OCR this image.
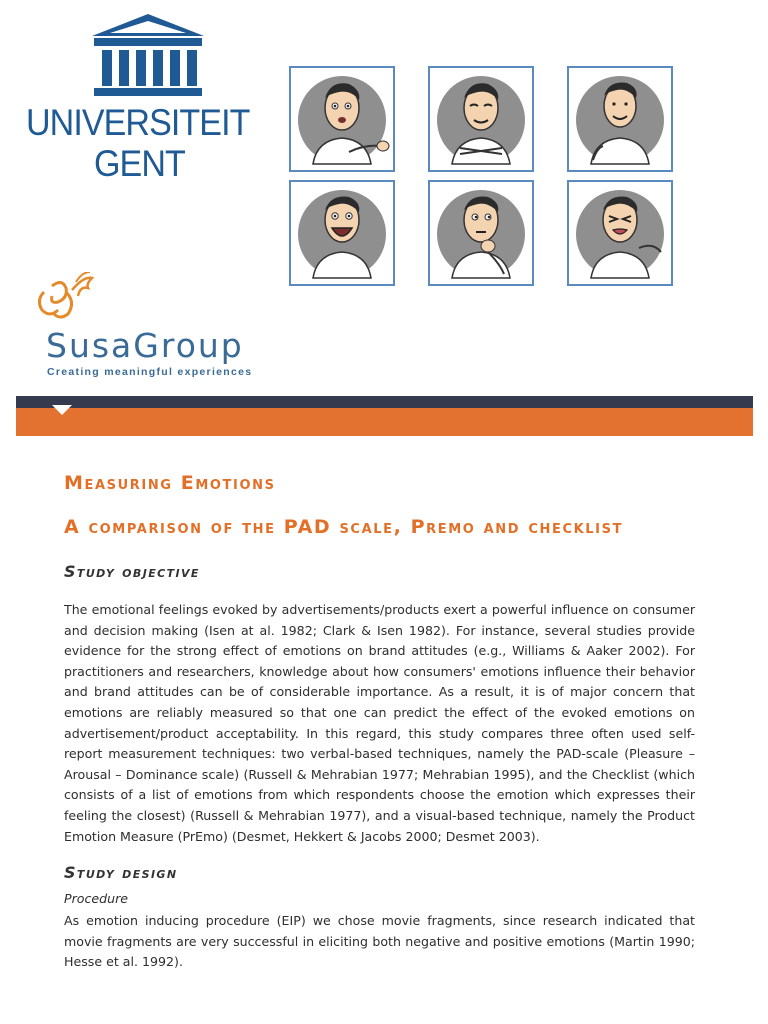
UNIVERSITEIT
GENT
SusaGroup
Creating meaningful experiences
Measuring Emotions
A comparison of the PAD scale, Premo and checklist
Study objective
The emotional feelings evoked by advertisements/products exert a powerful influence on consumer and decision making (Isen at al. 1982; Clark & Isen 1982). For instance, several studies provide evidence for the strong effect of emotions on brand attitudes (e.g., Williams & Aaker 2002). For practitioners and researchers, knowledge about how consumers' emotions influence their behavior and brand attitudes can be of considerable importance. As a result, it is of major concern that emotions are reliably measured so that one can predict the effect of the evoked emotions on advertisement/product acceptability. In this regard, this study compares three often used self-report measurement techniques: two verbal-based techniques, namely the PAD-scale (Pleasure –Arousal – Dominance scale) (Russell & Mehrabian 1977; Mehrabian 1995), and the Checklist (which consists of a list of emotions from which respondents choose the emotion which expresses their feeling the closest) (Russell & Mehrabian 1977), and a visual-based technique, namely the Product Emotion Measure (PrEmo) (Desmet, Hekkert & Jacobs 2000; Desmet 2003).
Study design
Procedure
As emotion inducing procedure (EIP) we chose movie fragments, since research indicated that movie fragments are very successful in eliciting both negative and positive emotions (Martin 1990; Hesse et al. 1992).
